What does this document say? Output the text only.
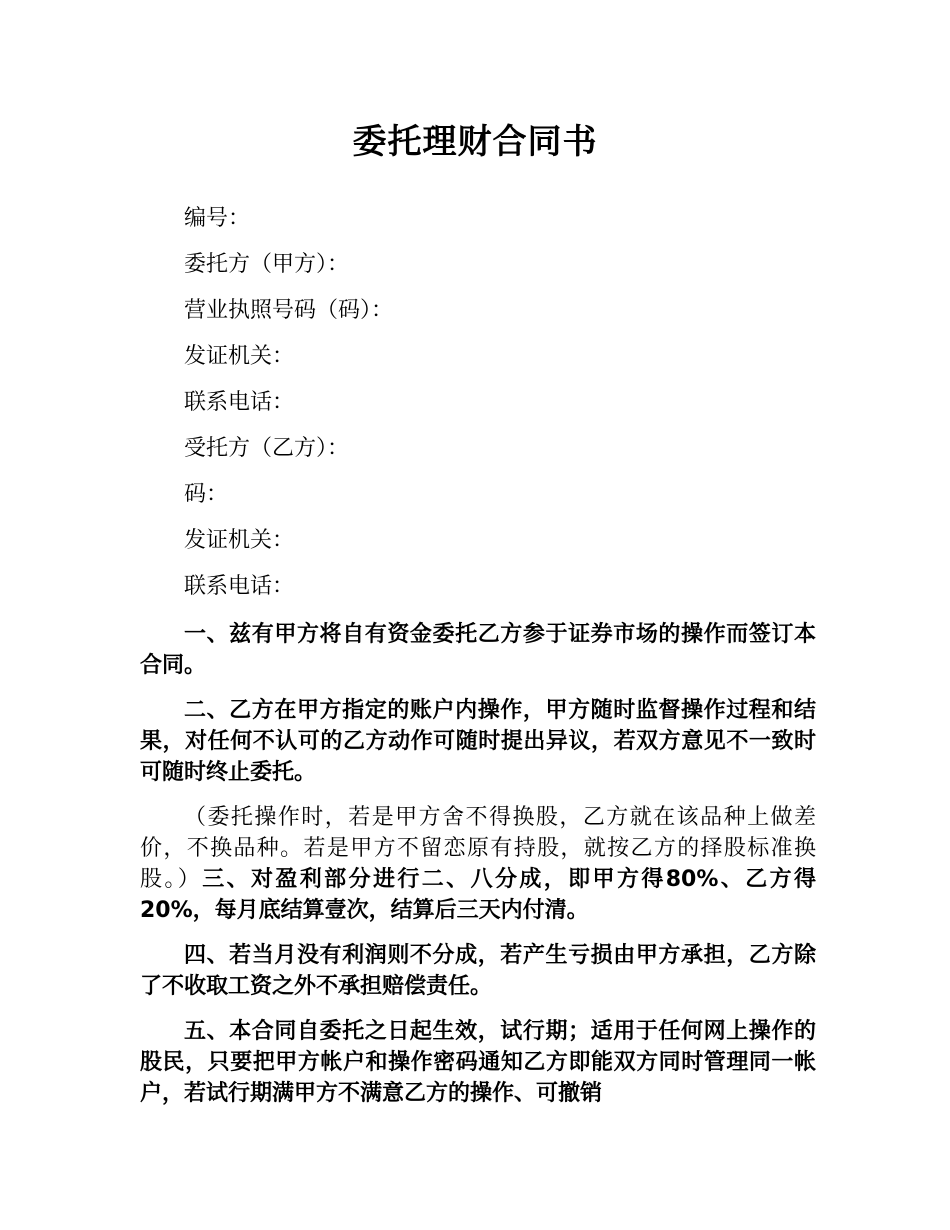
委托理财合同书
编号：
委托方（甲方）：
营业执照号码（码）：
发证机关：
联系电话：
受托方（乙方）：
码：
发证机关：
联系电话：

一、兹有甲方将自有资金委托乙方参于证券市场的操作而签订本合同。

二、乙方在甲方指定的账户内操作，甲方随时监督操作过程和结果，对任何不认可的乙方动作可随时提出异议，若双方意见不一致时可随时终止委托。

（委托操作时，若是甲方舍不得换股，乙方就在该品种上做差价，不换品种。若是甲方不留恋原有持股，就按乙方的择股标准换股。）三、对盈利部分进行二、八分成，即甲方得80%、乙方得20%，每月底结算壹次，结算后三天内付清。

四、若当月没有利润则不分成，若产生亏损由甲方承担，乙方除了不收取工资之外不承担赔偿责任。

五、本合同自委托之日起生效，试行期；适用于任何网上操作的股民，只要把甲方帐户和操作密码通知乙方即能双方同时管理同一帐户，若试行期满甲方不满意乙方的操作、可撤销
